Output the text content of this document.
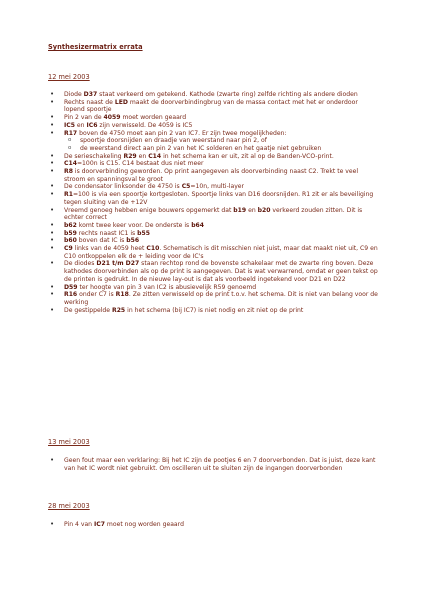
Synthesizermatrix errata
12 mei 2003
• Diode D37 staat verkeerd om getekend. Kathode (zwarte ring) zelfde richting als andere dioden
• Rechts naast de LED maakt de doorverbindingbrug van de massa contact met het er onderdoor lopend spoortje
• Pin 2 van de 4059 moet worden geaard
• IC5 en IC6 zijn verwisseld. De 4059 is IC5
• R17 boven de 4750 moet aan pin 2 van IC7. Er zijn twee mogelijkheden:
o spoortje doorsnijden en draadje van weerstand naar pin 2, of
o de weerstand direct aan pin 2 van het IC solderen en het gaatje niet gebruiken
• De serieschakeling R29 en C14 in het schema kan er uit, zit al op de Banden-VCO-print.
• C14=100n is C15. C14 bestaat dus niet meer
• R8 is doorverbinding geworden. Op print aangegeven als doorverbinding naast C2. Trekt te veel stroom en spanningsval te groot
• De condensator linksonder de 4750 is C5=10n, multi-layer
• R1=100 is via een spoortje kortgesloten. Spoortje links van D16 doorsnijden. R1 zit er als beveiliging tegen sluiting van de +12V
• Vreemd genoeg hebben enige bouwers opgemerkt dat b19 en b20 verkeerd zouden zitten. Dit is echter correct
• b62 komt twee keer voor. De onderste is b64
• b59 rechts naast IC1 is b55
• b60 boven dat IC is b56
• C9 links van de 4059 heet C10. Schematisch is dit misschien niet juist, maar dat maakt niet uit, C9 en C10 ontkoppelen elk de + leiding voor de IC's
• De diodes D21 t/m D27 staan rechtop rond de bovenste schakelaar met de zwarte ring boven. Deze kathodes doorverbinden als op de print is aangegeven. Dat is wat verwarrend, omdat er geen tekst op de printen is gedrukt. In de nieuwe lay-out is dat als voorbeeld ingetekend voor D21 en D22
• D59 ter hoogte van pin 3 van IC2 is abusievelijk R59 genoemd
• R16 onder C7 is R18. Ze zitten verwisseld op de print t.o.v. het schema. Dit is niet van belang voor de werking
• De gestippelde R25 in het schema (bij IC7) is niet nodig en zit niet op de print
13 mei 2003
• Geen fout maar een verklaring: Bij het IC zijn de pootjes 6 en 7 doorverbonden. Dat is juist, deze kant van het IC wordt niet gebruikt. Om oscilleren uit te sluiten zijn de ingangen doorverbonden
28 mei 2003
• Pin 4 van IC7 moet nog worden geaard
